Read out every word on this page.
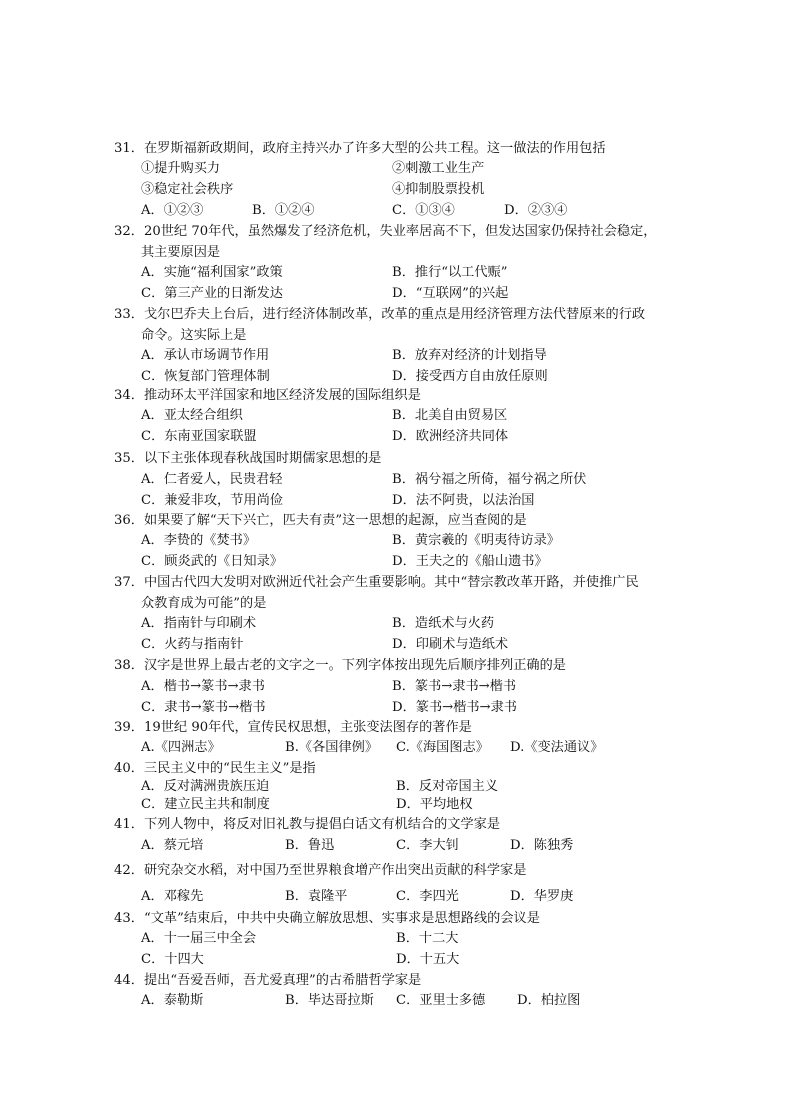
31．在罗斯福新政期间，政府主持兴办了许多大型的公共工程。这一做法的作用包括
①提升购买力	②刺激工业生产
③稳定社会秩序	④抑制股票投机
A．①②③	B．①②④	C．①③④	D．②③④
32．20世纪 70年代，虽然爆发了经济危机，失业率居高不下，但发达国家仍保持社会稳定，
其主要原因是
A．实施“福利国家”政策	B．推行“以工代赈”
C．第三产业的日渐发达	D．“互联网”的兴起
33．戈尔巴乔夫上台后，进行经济体制改革，改革的重点是用经济管理方法代替原来的行政
命令。这实际上是
A．承认市场调节作用	B．放弃对经济的计划指导
C．恢复部门管理体制	D．接受西方自由放任原则
34．推动环太平洋国家和地区经济发展的国际组织是
A．亚太经合组织	B．北美自由贸易区
C．东南亚国家联盟	D．欧洲经济共同体
35．以下主张体现春秋战国时期儒家思想的是
A．仁者爱人，民贵君轻	B．祸兮福之所倚，福兮祸之所伏
C．兼爱非攻，节用尚俭	D．法不阿贵，以法治国
36．如果要了解“天下兴亡，匹夫有责”这一思想的起源，应当查阅的是
A．李贽的《焚书》	B．黄宗羲的《明夷待访录》
C．顾炎武的《日知录》	D．王夫之的《船山遗书》
37．中国古代四大发明对欧洲近代社会产生重要影响。其中“替宗教改革开路，并使推广民
众教育成为可能”的是
A．指南针与印刷术	B．造纸术与火药
C．火药与指南针	D．印刷术与造纸术
38．汉字是世界上最古老的文字之一。下列字体按出现先后顺序排列正确的是
A．楷书→篆书→隶书	B．篆书→隶书→楷书
C．隶书→篆书→楷书	D．篆书→楷书→隶书
39．19世纪 90年代，宣传民权思想，主张变法图存的著作是
A.《四洲志》	B.《各国律例》 C.《海国图志》 D.《变法通议》
40．三民主义中的“民生主义”是指
A．反对满洲贵族压迫	B．反对帝国主义
C．建立民主共和制度	D．平均地权
41．下列人物中，将反对旧礼教与提倡白话文有机结合的文学家是
A．蔡元培	B．鲁迅	C．李大钊	D．陈独秀
42．研究杂交水稻，对中国乃至世界粮食增产作出突出贡献的科学家是
A．邓稼先	B．袁隆平	C．李四光	D．华罗庚
43．“文革”结束后，中共中央确立解放思想、实事求是思想路线的会议是
A．十一届三中全会	B．十二大
C．十四大	D．十五大
44．提出“吾爱吾师，吾尤爱真理”的古希腊哲学家是
A．泰勒斯	B．毕达哥拉斯 C．亚里士多德 D．柏拉图
